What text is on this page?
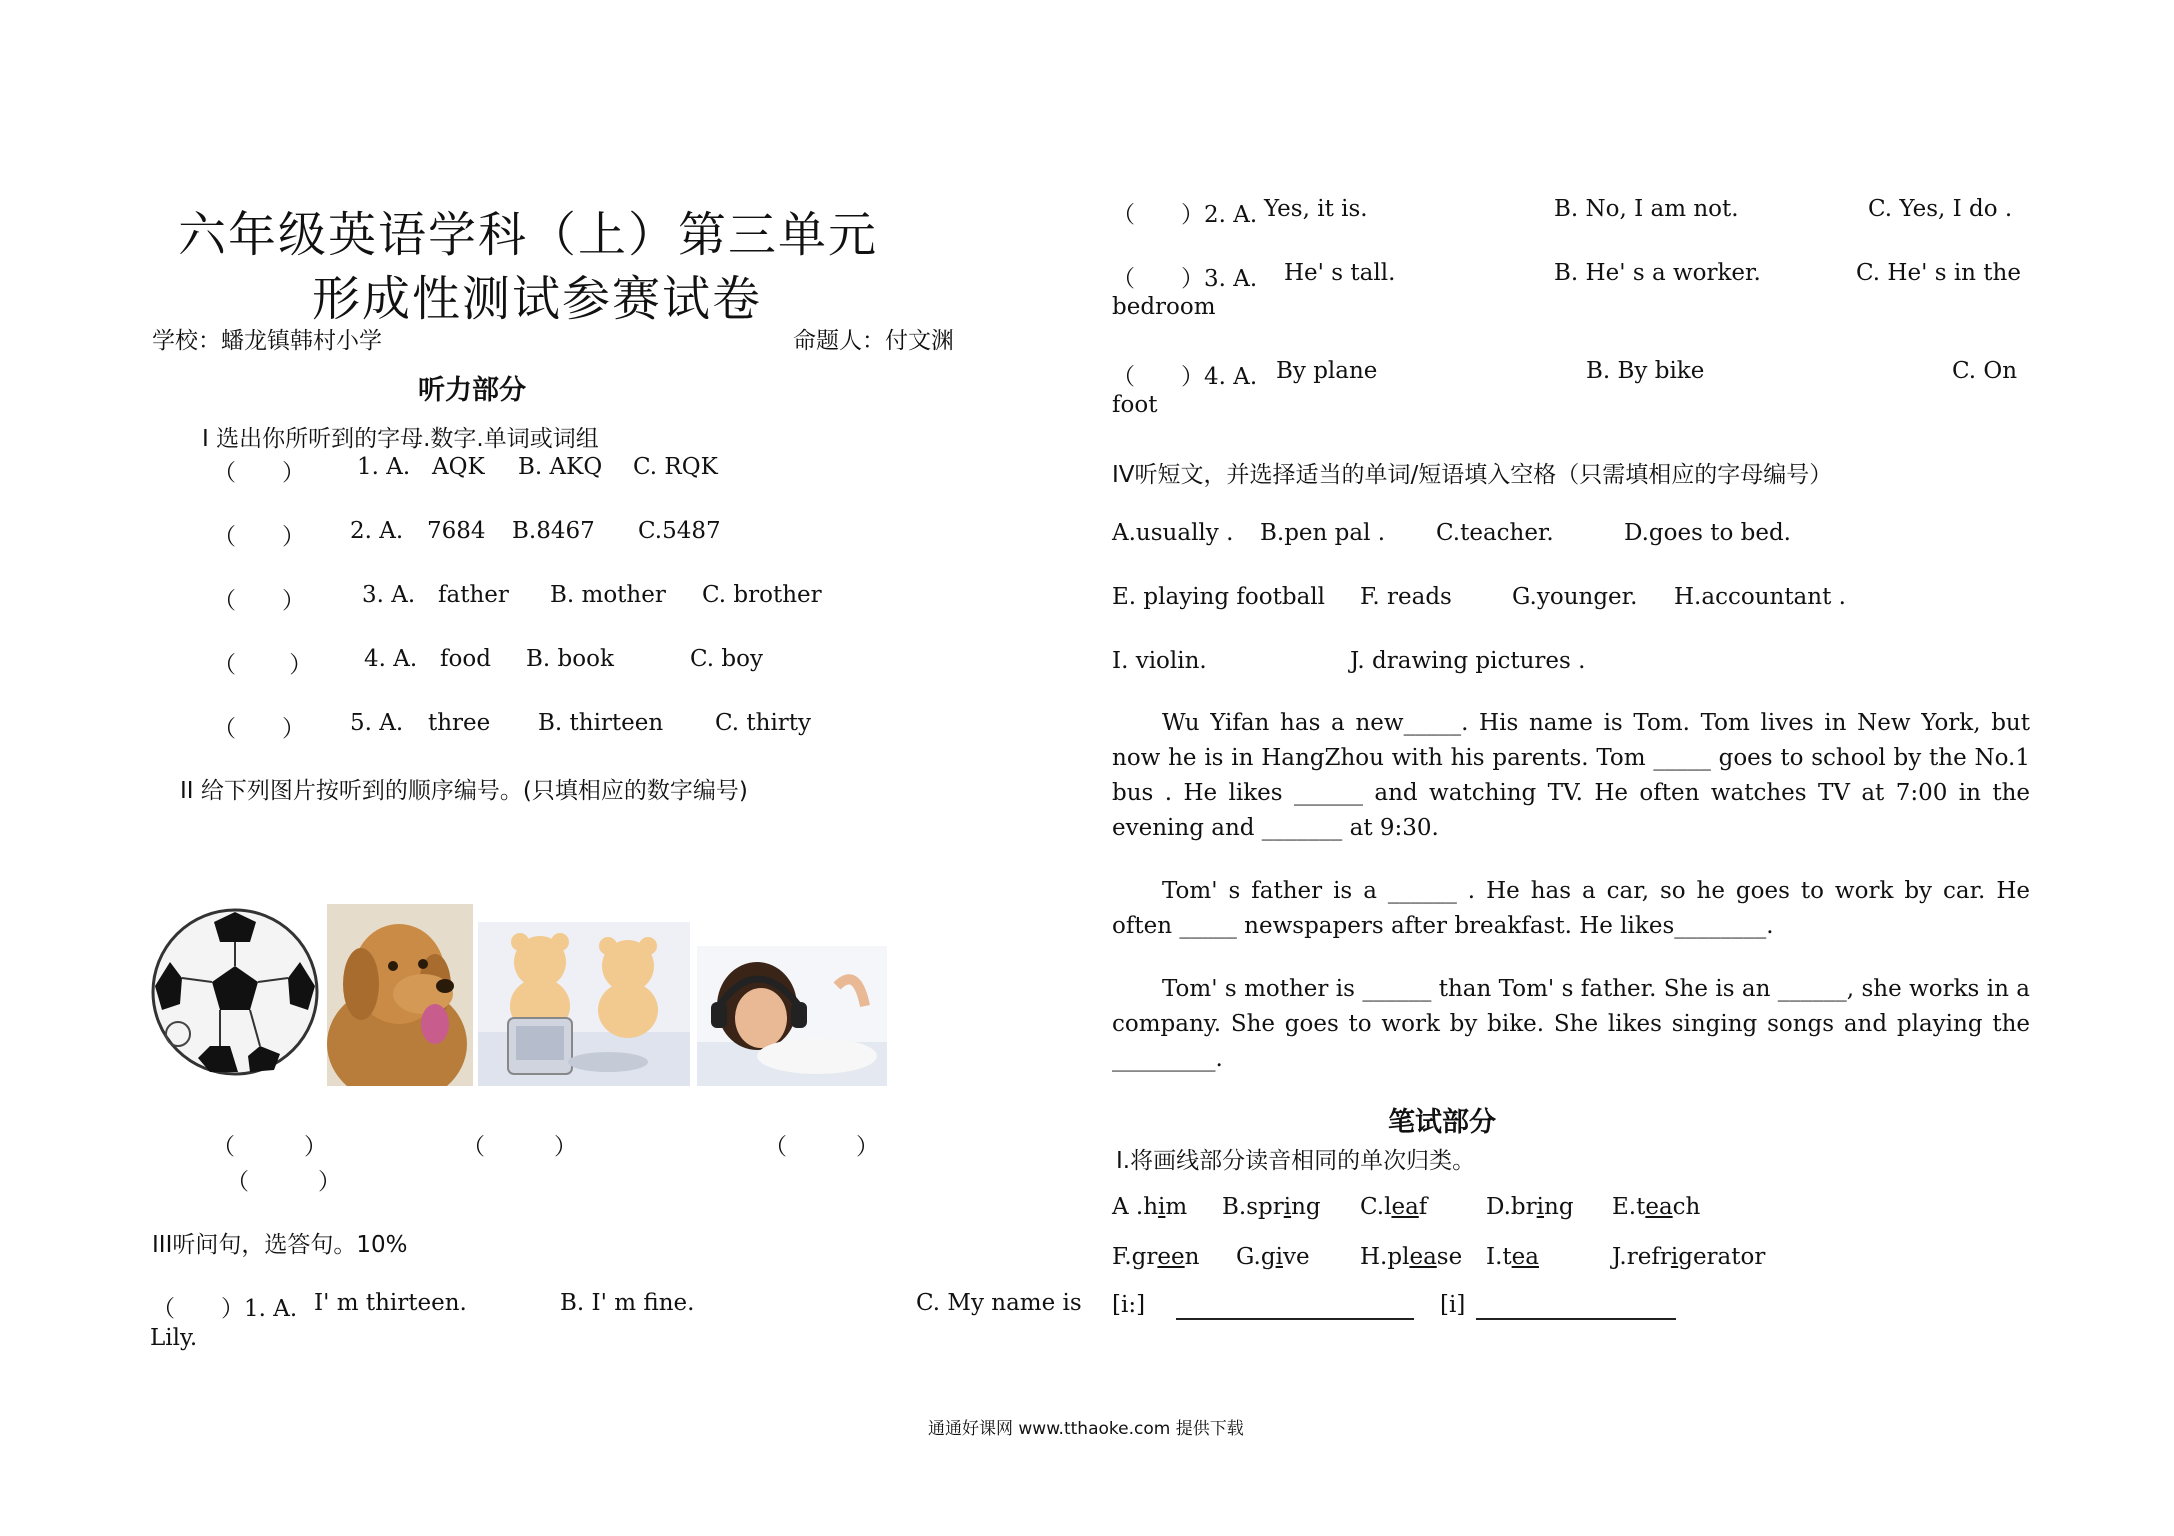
六年级英语学科（上）第三单元
形成性测试参赛试卷
学校：蟠龙镇韩村小学	命题人：付文渊
听力部分
I 选出你所听到的字母.数字.单词或词组
（　　） 1. A. AQK B. AKQ C. RQK
（　　） 2. A. 7684 B.8467 C.5487
（　　） 3. A. father B. mother C. brother
（　　 ） 4. A. food B. book	C. boy
（　　） 5. A. three B. thirteen C. thirty
II 给下列图片按听到的顺序编号。(只填相应的数字编号)
（　　　）	（　　　）	（　　　）
（　　　）
III听问句，选答句。10%
（　　）1. A. I' m thirteen.	B. I' m fine.	C. My name is
Lily.
（　　）2. A. Yes, it is.	B. No, I am not.	C. Yes, I do .
（　　）3. A. He' s tall.	B. He' s a worker.	C. He' s in the
bedroom
（　　）4. A. By plane	B. By bike	C. On
foot
IV听短文，并选择适当的单词/短语填入空格（只需填相应的字母编号）
A.usually . B.pen pal . C.teacher.	D.goes to bed.
E. playing football F. reads	G.younger. H.accountant .
I. violin.	J. drawing pictures .
Wu Yifan has a new_____. His name is Tom. Tom lives in New York, but now he is in HangZhou with his parents. Tom _____ goes to school by the No.1 bus . He likes ______ and watching TV. He often watches TV at 7:00 in the evening and _______ at 9:30.
Tom' s father is a ______ . He has a car, so he goes to work by car. He often _____ newspapers after breakfast. He likes________.
Tom' s mother is ______ than Tom' s father. She is an ______, she works in a company. She goes to work by bike. She likes singing songs and playing the _________.
笔试部分
Ⅰ.将画线部分读音相同的单次归类。
A .him B.spring C.leaf	D.bring E.teach
F.green G.give H.please I.tea	J.refrigerator
[i:]	[i]
通通好课网 www.tthaoke.com 提供下载
